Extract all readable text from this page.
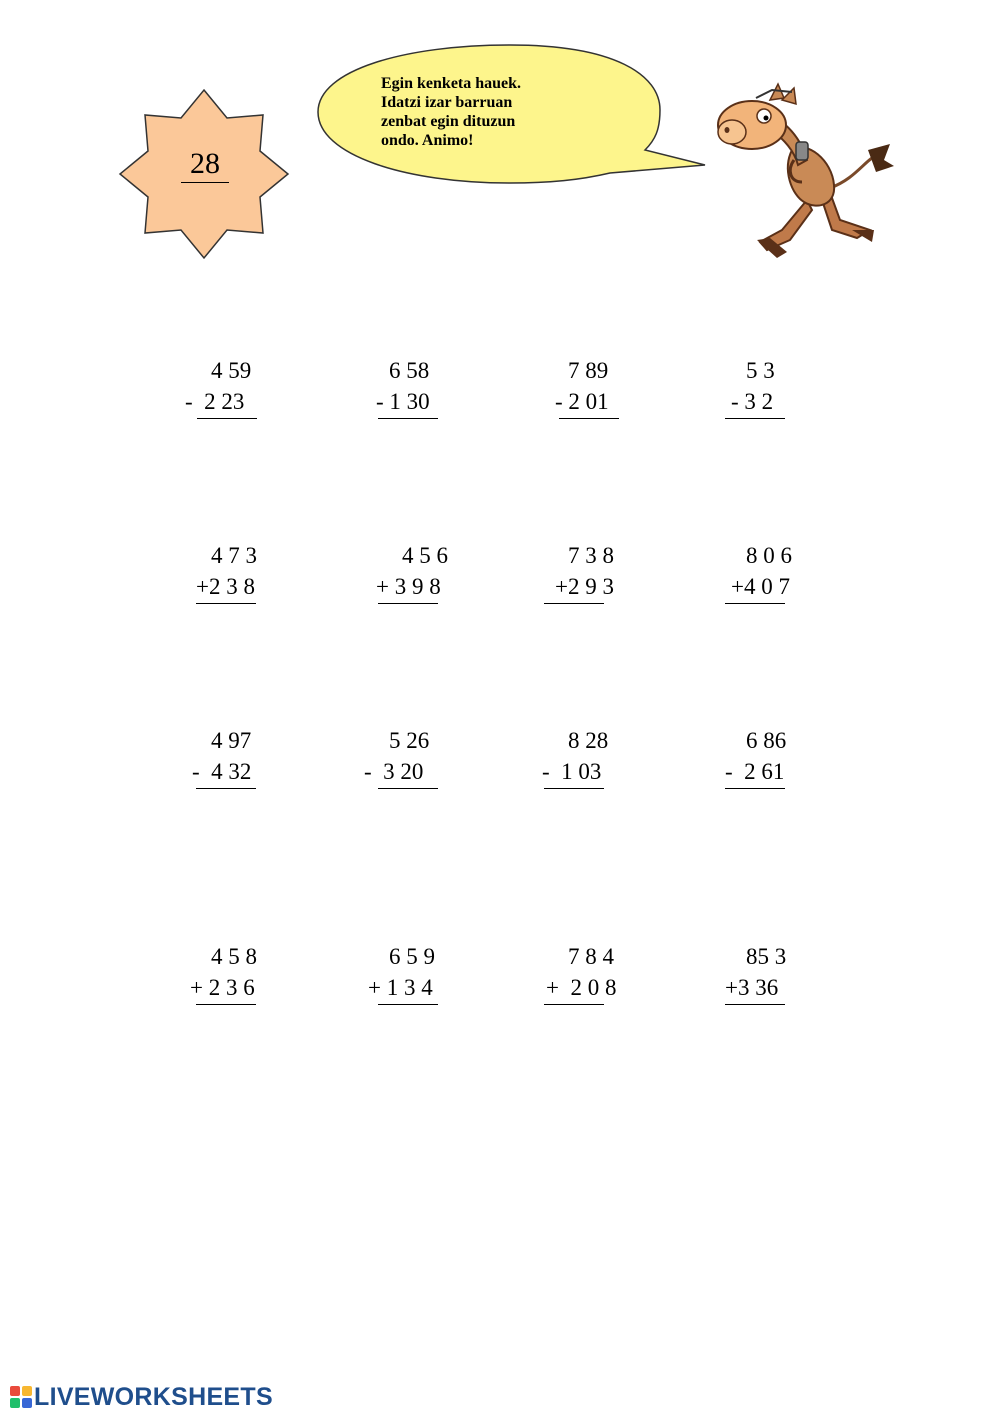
28
Egin kenketa hauek.
Idatzi izar barruan
zenbat egin dituzun
ondo. Animo!
4 59
-  2 23
6 58
- 1 30
7 89
- 2 01
5 3
- 3 2
4 7 3
+2 3 8
4 5 6
+ 3 9 8
7 3 8
+2 9 3
8 0 6
+4 0 7
4 97
-  4 32
5 26
-  3 20
8 28
-  1 03
6 86
-  2 61
4 5 8
+ 2 3 6
6 5 9
+ 1 3 4
7 8 4
+  2 0 8
85 3
+3 36
LIVEWORKSHEETS
